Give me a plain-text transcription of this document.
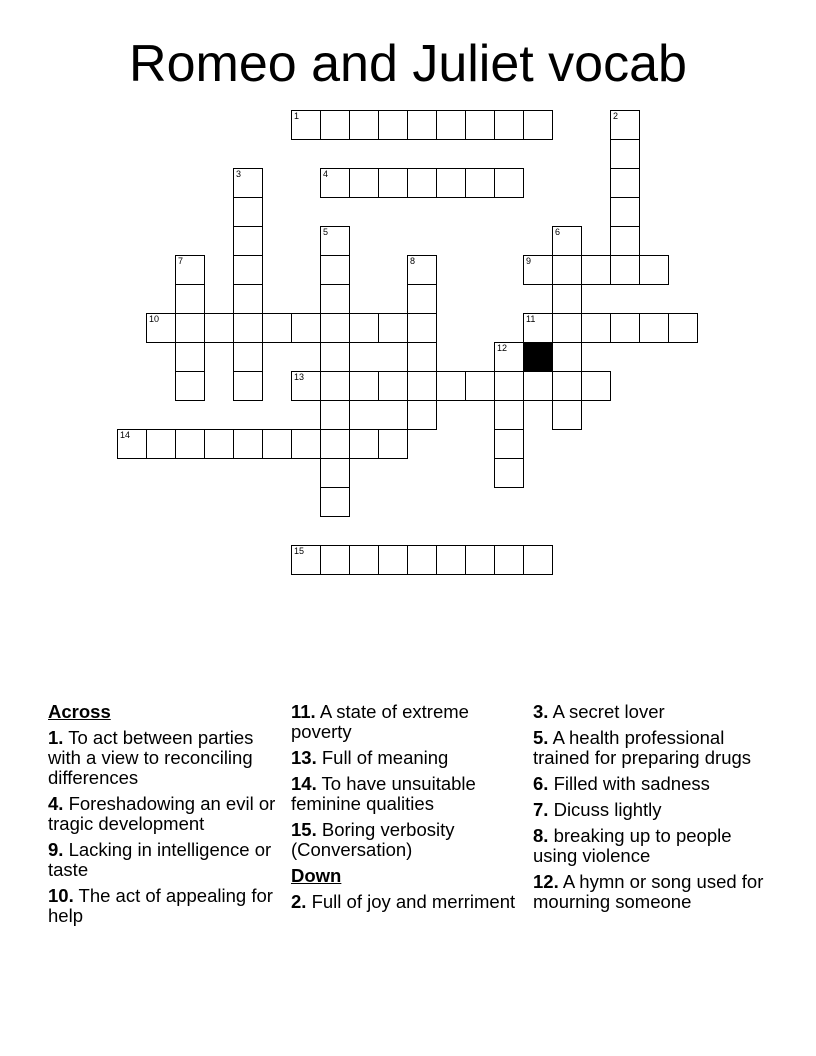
Romeo and Juliet vocab
1
4
9
10	11
13
14
15
2
3
5	6
7	8
12
Across
1. To act between parties with a view to reconciling differences
4. Foreshadowing an evil or tragic development
9. Lacking in intelligence or taste
10. The act of appealing for help
11. A state of extreme poverty
13. Full of meaning
14. To have unsuitable feminine qualities
15. Boring verbosity (Conversation)
Down
2. Full of joy and merriment
3. A secret lover
5. A health professional trained for preparing drugs
6. Filled with sadness
7. Dicuss lightly
8. breaking up to people using violence
12. A hymn or song used for mourning someone
